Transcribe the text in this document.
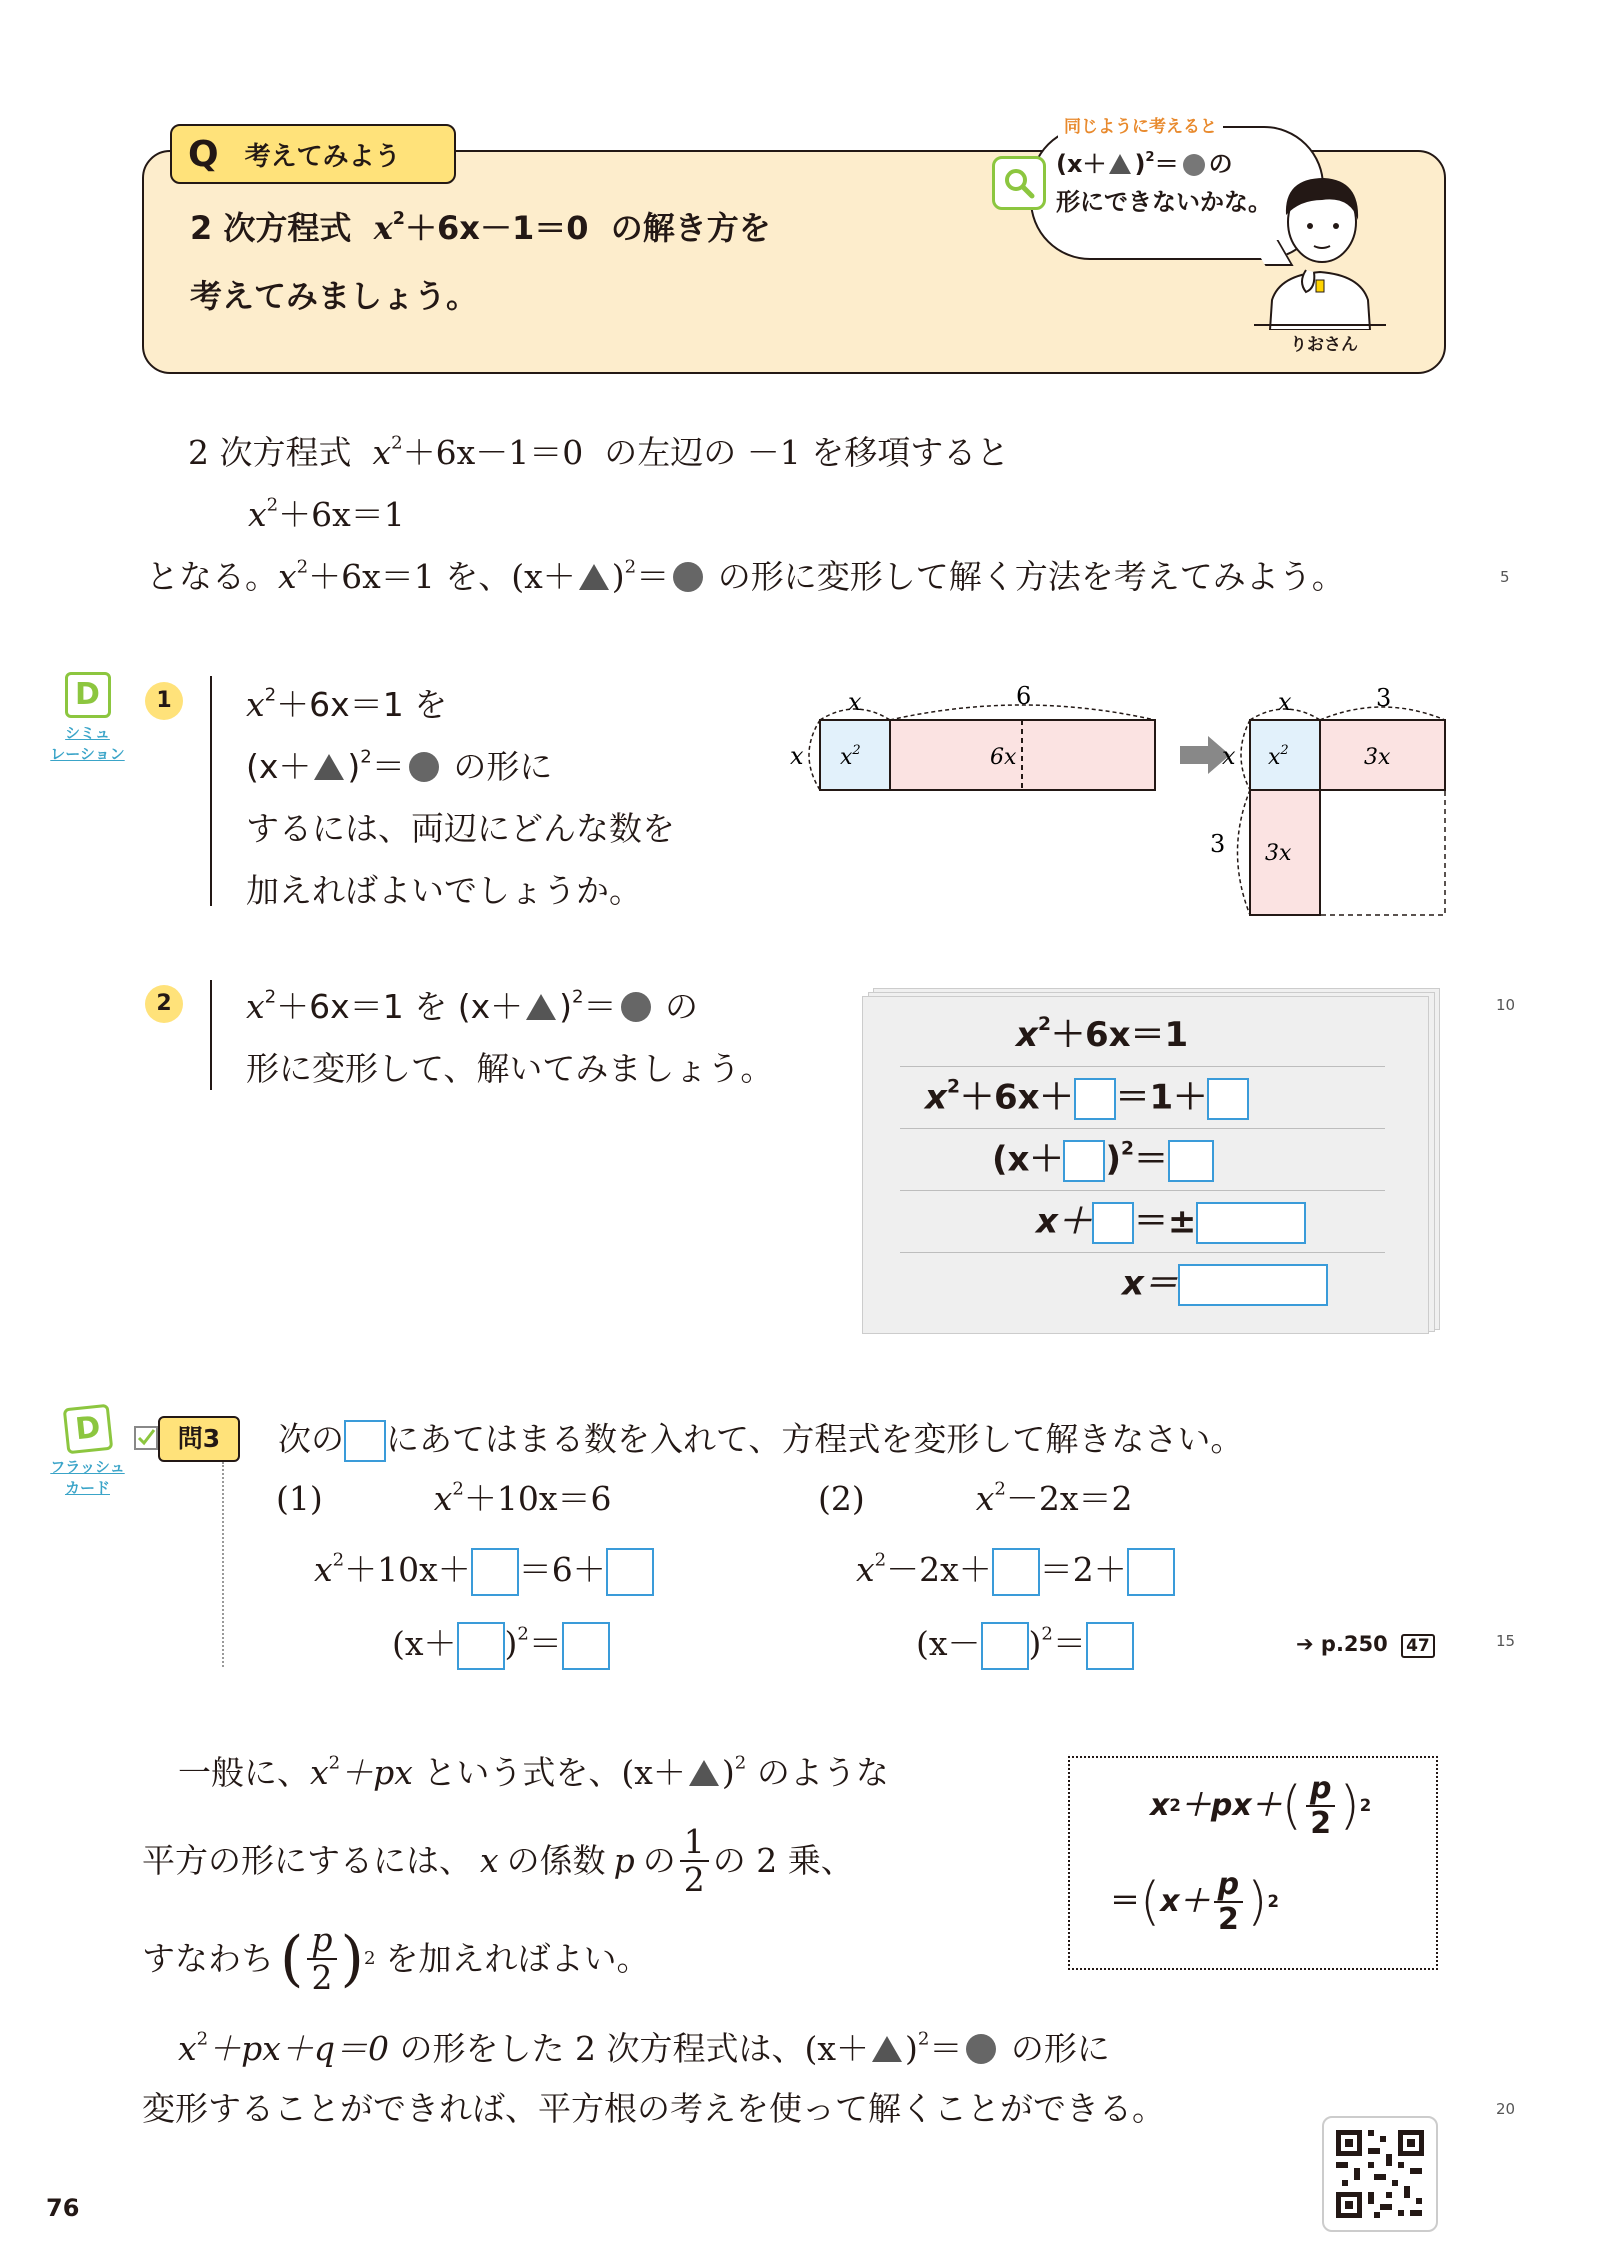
Q 考えてみよう
2 次方程式 $x^2+6x-1=0$ の解き方を
考えてみましょう。
同じように考えると
$(x+ )^2=$ の
形にできないかな。
りおさん
2 次方程式 $x^2+6x-1=0$ の左辺の －1 を移項すると
$x^2+6x=1$
となる。$x^2+6x=1$ を、$(x+ )^2=$ の形に変形して解く方法を考えてみよう。	5
D
シミュ
レーション
D
フラッシュ
カード
1	$x^2+6x=1$ を
$(x+ )^2=$ の形に
するには、両辺にどんな数を
加えればよいでしょうか。
x	6
x $x^2$	6x
x	3
x
3
$x^2$	3x
3x
2	$x^2+6x=1$ を $(x+ )^2=$ の
形に変形して、解いてみましょう。
$x^2+6x=1$
$x^2+6x+ =1+$
$(x+ )^2=$
x＋ ＝±
x＝
10
問3	次の にあてはまる数を入れて、方程式を変形して解きなさい。
(1)	$x^2+10x=6$
$x^2+10x+ =6+$
$(x+ )^2=$
(2)	$x^2-2x=2$
$x^2-2x+ =2+$
$(x- )^2=$	➔ p.250 47	15
一般に、$x^2+px$ という式を、$(x+ )^2$ のような
平方の形にするには、 x の係数 p の $\frac{1}{2}$ の 2 乗、
すなわち ( $\frac{p}{2}$ ) 2 を加えればよい。
$x^2+px+q=0$ の形をした 2 次方程式は、$(x+ )^2=$ の形に
変形することができれば、平方根の考えを使って解くことができる。	20
x 2 ＋px＋ ( $\frac{p}{2}$ ) 2
＝ ( $x+ \frac{p}{2}$ ) 2
76
